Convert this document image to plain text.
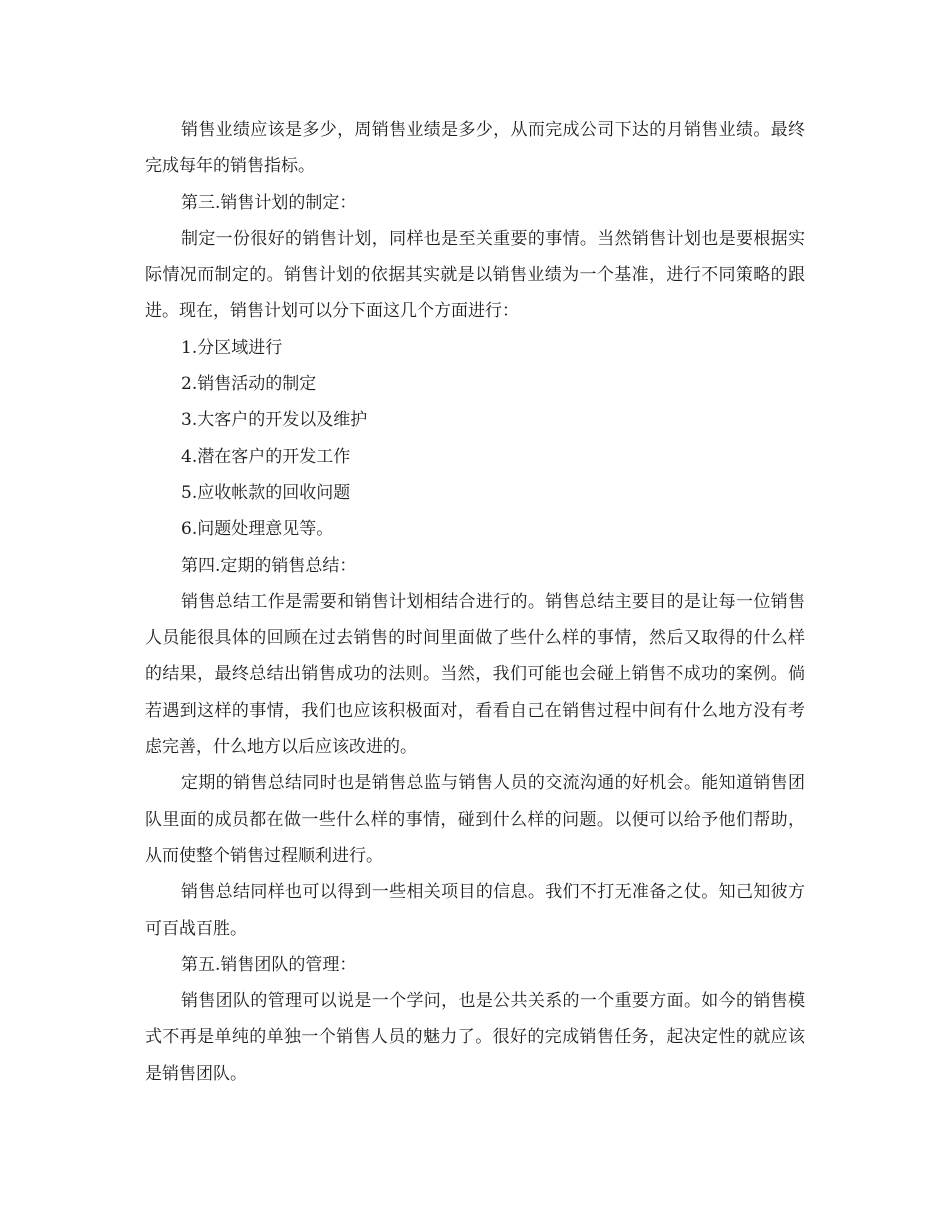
销售业绩应该是多少，周销售业绩是多少，从而完成公司下达的月销售业绩。最终完成每年的销售指标。

第三.销售计划的制定：

制定一份很好的销售计划，同样也是至关重要的事情。当然销售计划也是要根据实际情况而制定的。销售计划的依据其实就是以销售业绩为一个基准，进行不同策略的跟进。现在，销售计划可以分下面这几个方面进行：

1.分区域进行

2.销售活动的制定

3.大客户的开发以及维护

4.潜在客户的开发工作

5.应收帐款的回收问题

6.问题处理意见等。

第四.定期的销售总结：

销售总结工作是需要和销售计划相结合进行的。销售总结主要目的是让每一位销售人员能很具体的回顾在过去销售的时间里面做了些什么样的事情，然后又取得的什么样的结果，最终总结出销售成功的法则。当然，我们可能也会碰上销售不成功的案例。倘若遇到这样的事情，我们也应该积极面对，看看自己在销售过程中间有什么地方没有考虑完善，什么地方以后应该改进的。

定期的销售总结同时也是销售总监与销售人员的交流沟通的好机会。能知道销售团队里面的成员都在做一些什么样的事情，碰到什么样的问题。以便可以给予他们帮助，从而使整个销售过程顺利进行。

销售总结同样也可以得到一些相关项目的信息。我们不打无准备之仗。知己知彼方可百战百胜。

第五.销售团队的管理：

销售团队的管理可以说是一个学问，也是公共关系的一个重要方面。如今的销售模式不再是单纯的单独一个销售人员的魅力了。很好的完成销售任务，起决定性的就应该是销售团队。
